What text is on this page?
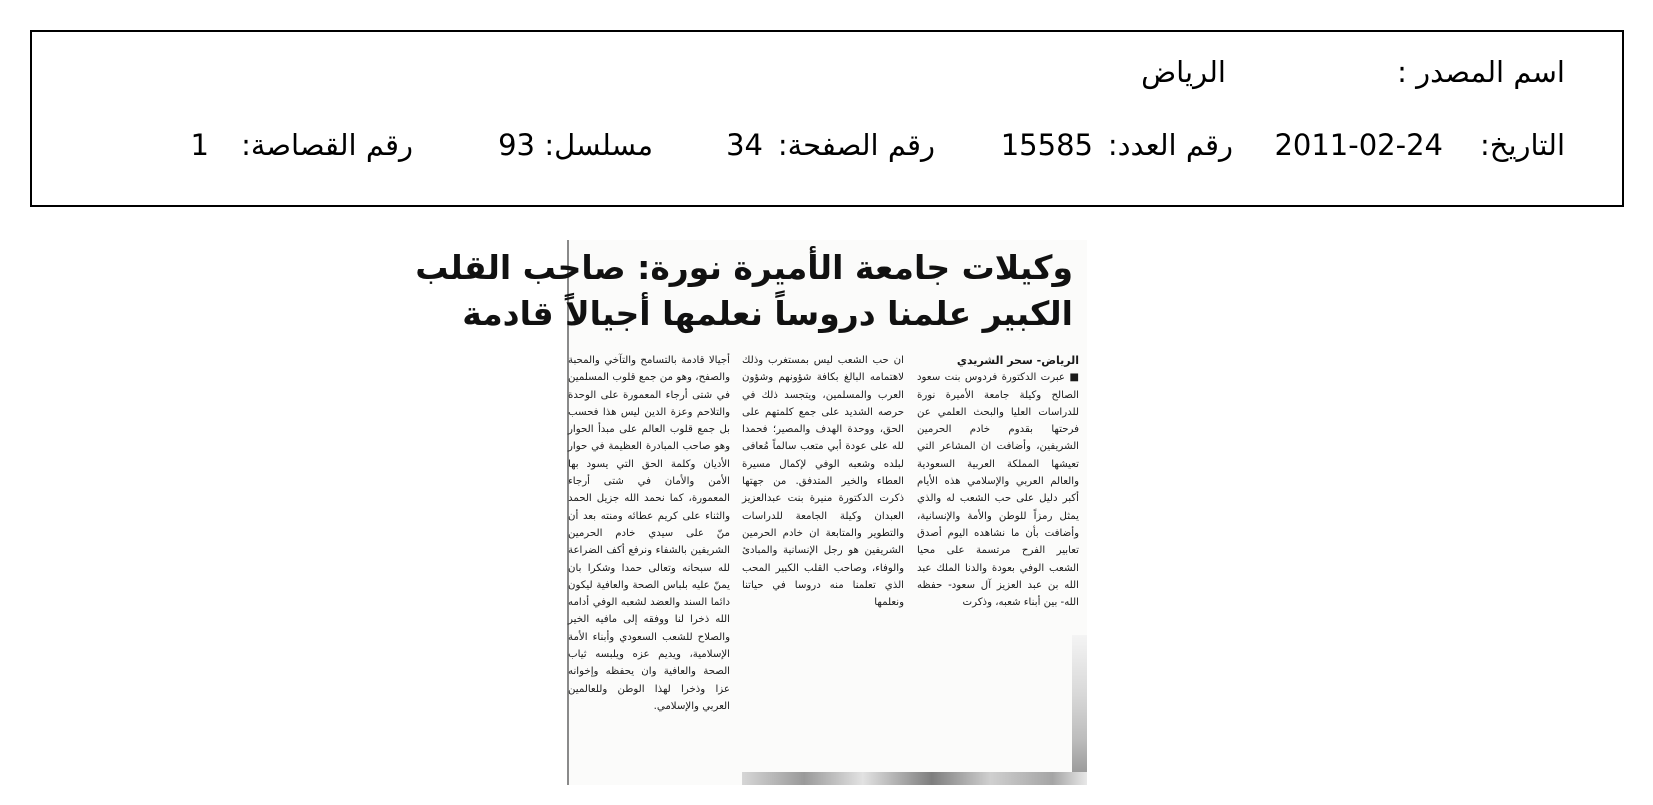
اسم المصدر :
الرياض
التاريخ:
2011-02-24
رقم العدد:
15585
رقم الصفحة:
34
مسلسل:
93
رقم القصاصة:
1
وكيلات جامعة الأميرة نورة: صاحب القلب
الكبير علمنا دروساً نعلمها أجيالاً قادمة

الرياض- سحر الشريدي

■ عبرت الدكتورة فردوس بنت سعود الصالح وكيلة جامعة الأميرة نورة للدراسات العليا والبحث العلمي عن فرحتها بقدوم خادم الحرمين الشريفين، وأضافت ان المشاعر التي تعيشها المملكة العربية السعودية والعالم العربي والإسلامي هذه الأيام أكبر دليل على حب الشعب له والذي يمثل رمزاً للوطن والأمة والإنسانية، وأضافت بأن ما نشاهده اليوم أصدق تعابير الفرح مرتسمة على محيا الشعب الوفي بعودة والدنا الملك عبد الله بن عبد العزيز آل سعود- حفظه الله- بين أبناء شعبه، وذكرت

ان حب الشعب ليس بمستغرب وذلك لاهتمامه البالغ بكافة شؤونهم وشؤون العرب والمسلمين، ويتجسد ذلك في حرصه الشديد على جمع كلمتهم على الحق، ووحدة الهدف والمصير؛ فحمدا لله على عودة أبي متعب سالماً مُعافى لبلده وشعبه الوفي لإكمال مسيرة العطاء والخير المتدفق. من جهتها ذكرت الدكتورة منيرة بنت عبدالعزيز العبدان وكيلة الجامعة للدراسات والتطوير والمتابعة ان خادم الحرمين الشريفين هو رجل الإنسانية والمبادئ والوفاء، وصاحب القلب الكبير المحب الذي تعلمنا منه دروسا في حياتنا ونعلمها

أجيالا قادمة بالتسامح والتآخي والمحبة والصفح، وهو من جمع قلوب المسلمين في شتى أرجاء المعمورة على الوحدة والتلاحم وعزة الدين ليس هذا فحسب بل جمع قلوب العالم على مبدأ الحوار وهو صاحب المبادرة العظيمة في حوار الأديان وكلمة الحق التي يسود بها الأمن والأمان في شتى أرجاء المعمورة، كما نحمد الله جزيل الحمد والثناء على كريم عطائه ومنته بعد أن منّ على سيدي خادم الحرمين الشريفين بالشفاء ونرفع أكف الضراعة لله سبحانه وتعالى حمدا وشكرا بان يمنّ عليه بلباس الصحة والعافية ليكون دائما السند والعضد لشعبه الوفي أدامه الله ذخرا لنا ووفقه إلى مافيه الخير والصلاح للشعب السعودي وأبناء الأمة الإسلامية، ويديم عزه ويلبسه ثياب الصحة والعافية وان يحفظه وإخوانه عزا وذخرا لهذا الوطن وللعالمين العربي والإسلامي.
